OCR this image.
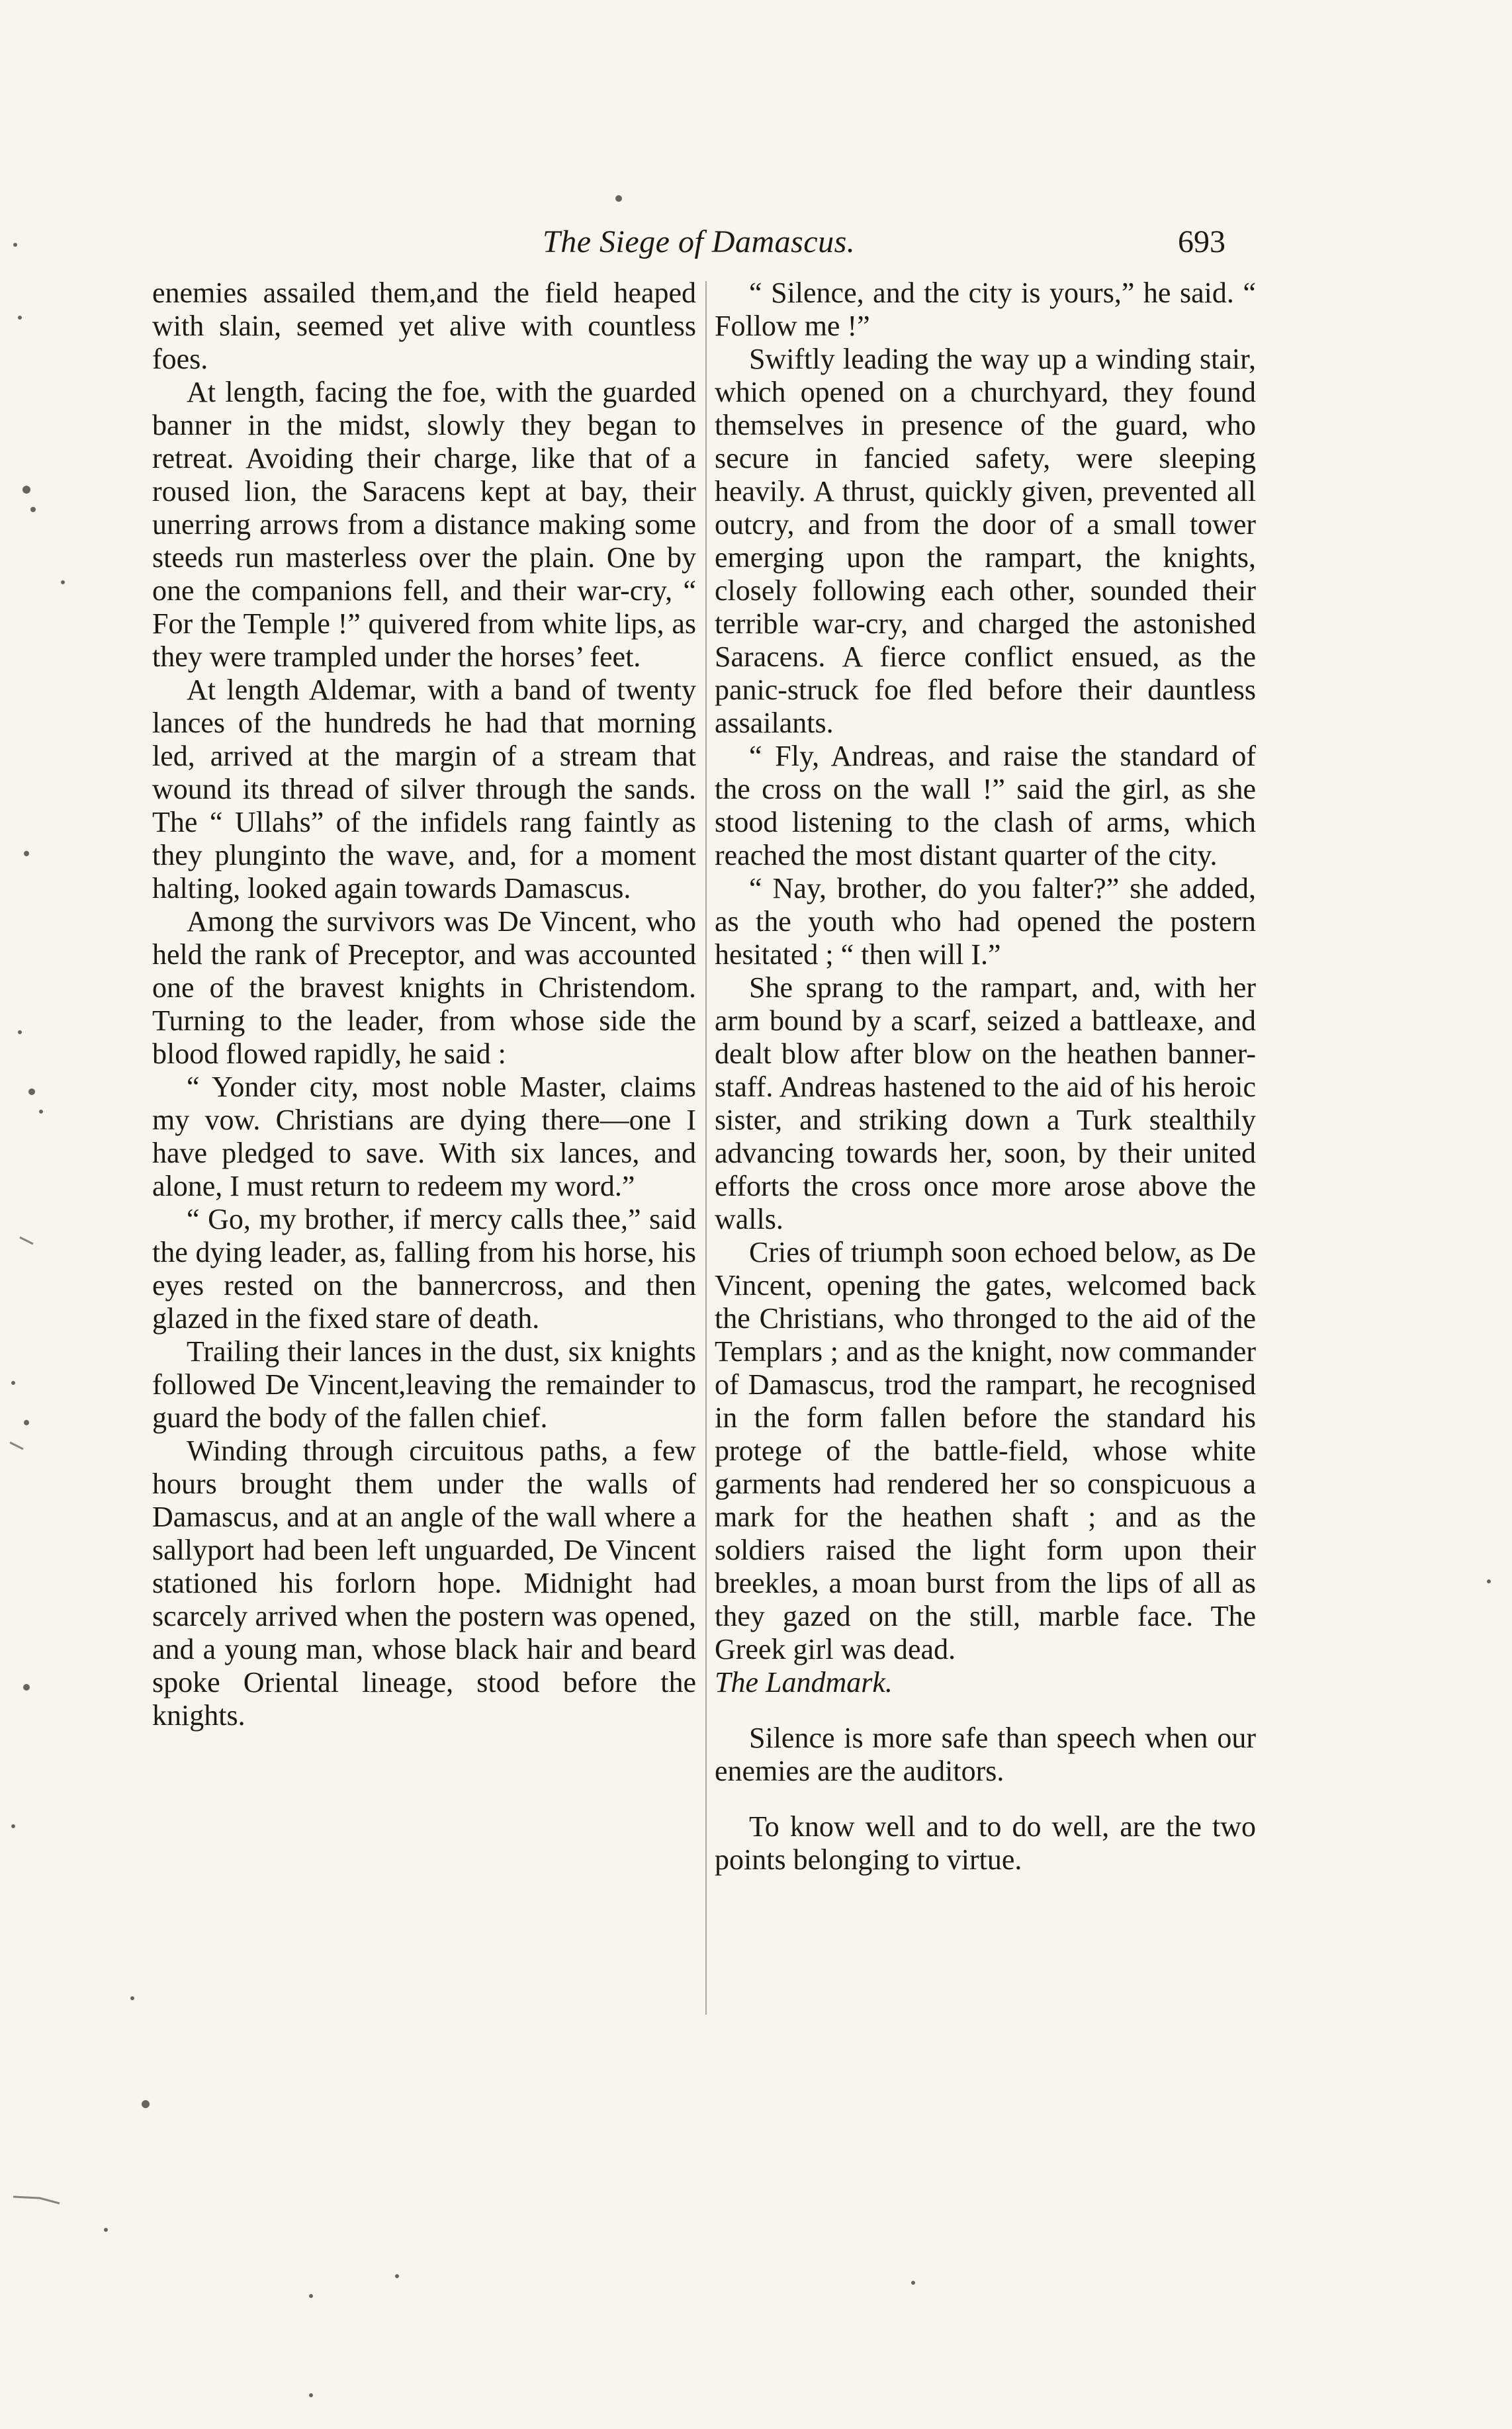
The Siege of Damascus.	693

enemies assailed them,and the field heaped with slain, seemed yet alive with countless foes.

At length, facing the foe, with the guarded banner in the midst, slowly they began to retreat. Avoiding their charge, like that of a roused lion, the Saracens kept at bay, their unerring arrows from a distance making some steeds run masterless over the plain. One by one the companions fell, and their war-cry, “ For the Temple !” quivered from white lips, as they were trampled under the horses’ feet.

At length Aldemar, with a band of twenty lances of the hundreds he had that morning led, arrived at the margin of a stream that wound its thread of silver through the sands. The “ Ullahs” of the infidels rang faintly as they plunginto the wave, and, for a moment halting, looked again towards Damascus.

Among the survivors was De Vincent, who held the rank of Preceptor, and was accounted one of the bravest knights in Christendom. Turning to the leader, from whose side the blood flowed rapidly, he said :

“ Yonder city, most noble Master, claims my vow. Christians are dying there—one I have pledged to save. With six lances, and alone, I must return to redeem my word.”

“ Go, my brother, if mercy calls thee,” said the dying leader, as, falling from his horse, his eyes rested on the bannercross, and then glazed in the fixed stare of death.

Trailing their lances in the dust, six knights followed De Vincent,leaving the remainder to guard the body of the fallen chief.

Winding through circuitous paths, a few hours brought them under the walls of Damascus, and at an angle of the wall where a sallyport had been left unguarded, De Vincent stationed his forlorn hope. Midnight had scarcely arrived when the postern was opened, and a young man, whose black hair and beard spoke Oriental lineage, stood before the knights.

“ Silence, and the city is yours,” he said. “ Follow me !”

Swiftly leading the way up a winding stair, which opened on a churchyard, they found themselves in presence of the guard, who secure in fancied safety, were sleeping heavily. A thrust, quickly given, prevented all outcry, and from the door of a small tower emerging upon the rampart, the knights, closely following each other, sounded their terrible war-cry, and charged the astonished Saracens. A fierce conflict ensued, as the panic-struck foe fled before their dauntless assailants.

“ Fly, Andreas, and raise the standard of the cross on the wall !” said the girl, as she stood listening to the clash of arms, which reached the most distant quarter of the city.

“ Nay, brother, do you falter?” she added, as the youth who had opened the postern hesitated ; “ then will I.”

She sprang to the rampart, and, with her arm bound by a scarf, seized a battleaxe, and dealt blow after blow on the heathen banner-staff. Andreas hastened to the aid of his heroic sister, and striking down a Turk stealthily advancing towards her, soon, by their united efforts the cross once more arose above the walls.

Cries of triumph soon echoed below, as De Vincent, opening the gates, welcomed back the Christians, who thronged to the aid of the Templars ; and as the knight, now commander of Damascus, trod the rampart, he recognised in the form fallen before the standard his protege of the battle-field, whose white garments had rendered her so conspicuous a mark for the heathen shaft ; and as the soldiers raised the light form upon their breekles, a moan burst from the lips of all as they gazed on the still, marble face. The Greek girl was dead.

The Landmark.

Silence is more safe than speech when our enemies are the auditors.

To know well and to do well, are the two points belonging to virtue.
